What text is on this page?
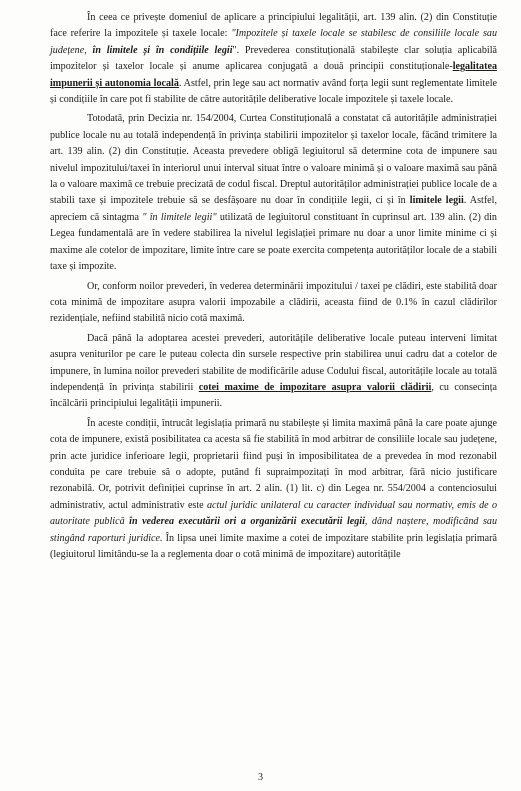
În ceea ce privește domeniul de aplicare a principiului legalității, art. 139 alin. (2) din Constituție face referire la impozitele și taxele locale: "Impozitele și taxele locale se stabilesc de consiliile locale sau județene, în limitele și în condițiile legii". Prevederea constituțională stabilește clar soluția aplicabilă impozitelor și taxelor locale și anume aplicarea conjugată a două principii constituționale-legalitatea impunerii și autonomia locală. Astfel, prin lege sau act normativ având forța legii sunt reglementate limitele și condițiile în care pot fi stabilite de către autoritățile deliberative locale impozitele și taxele locale.

Totodată, prin Decizia nr. 154/2004, Curtea Constituțională a constatat că autoritățile administrației publice locale nu au totală independență în privința stabilirii impozitelor și taxelor locale, făcând trimitere la art. 139 alin. (2) din Constituție. Aceasta prevedere obligă legiuitorul să determine cota de impunere sau nivelul impozitului/taxei în interiorul unui interval situat între o valoare minimă și o valoare maximă sau până la o valoare maximă ce trebuie precizată de codul fiscal. Dreptul autorităților administrației publice locale de a stabili taxe și impozitele trebuie să se desfășoare nu doar în condițiile legii, ci și în limitele legii. Astfel, apreciem că sintagma " în limitele legii" utilizată de legiuitorul constituant în cuprinsul art. 139 alin. (2) din Legea fundamentală are în vedere stabilirea la nivelul legislației primare nu doar a unor limite minime ci și maxime ale cotelor de impozitare, limite între care se poate exercita competența autorităților locale de a stabili taxe și impozite.

Or, conform noilor prevederi, în vederea determinării impozitului / taxei pe clădiri, este stabilită doar cota minimă de impozitare asupra valorii impozabile a clădirii, aceasta fiind de 0.1% în cazul clădirilor rezidențiale, nefiind stabilită nicio cotă maximă.

Dacă până la adoptarea acestei prevederi, autoritățile deliberative locale puteau interveni limitat asupra veniturilor pe care le puteau colecta din sursele respective prin stabilirea unui cadru dat a cotelor de impunere, în lumina noilor prevederi stabilite de modificările aduse Codului fiscal, autoritățile locale au totală independență în privința stabilirii cotei maxime de impozitare asupra valorii clădirii, cu consecința încălcării principiului legalității impunerii.

În aceste condiții, întrucât legislația primară nu stabilește și limita maximă până la care poate ajunge cota de impunere, există posibilitatea ca acesta să fie stabilită în mod arbitrar de consiliile locale sau județene, prin acte juridice inferioare legii, proprietarii fiind puși în imposibilitatea de a prevedea în mod rezonabil conduita pe care trebuie să o adopte, putând fi supraimpozitați în mod arbitrar, fără niciο justificare rezonabilă. Or, potrivit definiției cuprinse în art. 2 alin. (1) lit. c) din Legea nr. 554/2004 a contenciosului administrativ, actul administrativ este actul juridic unilateral cu caracter individual sau normativ, emis de o autoritate publică în vederea executării ori a organizării executării legii, dând naștere, modificând sau stingând raporturi juridice. În lipsa unei limite maxime a cotei de impozitare stabilite prin legislația primară (legiuitorul limitându-se la a reglementa doar o cotă minimă de impozitare) autoritățile

3
